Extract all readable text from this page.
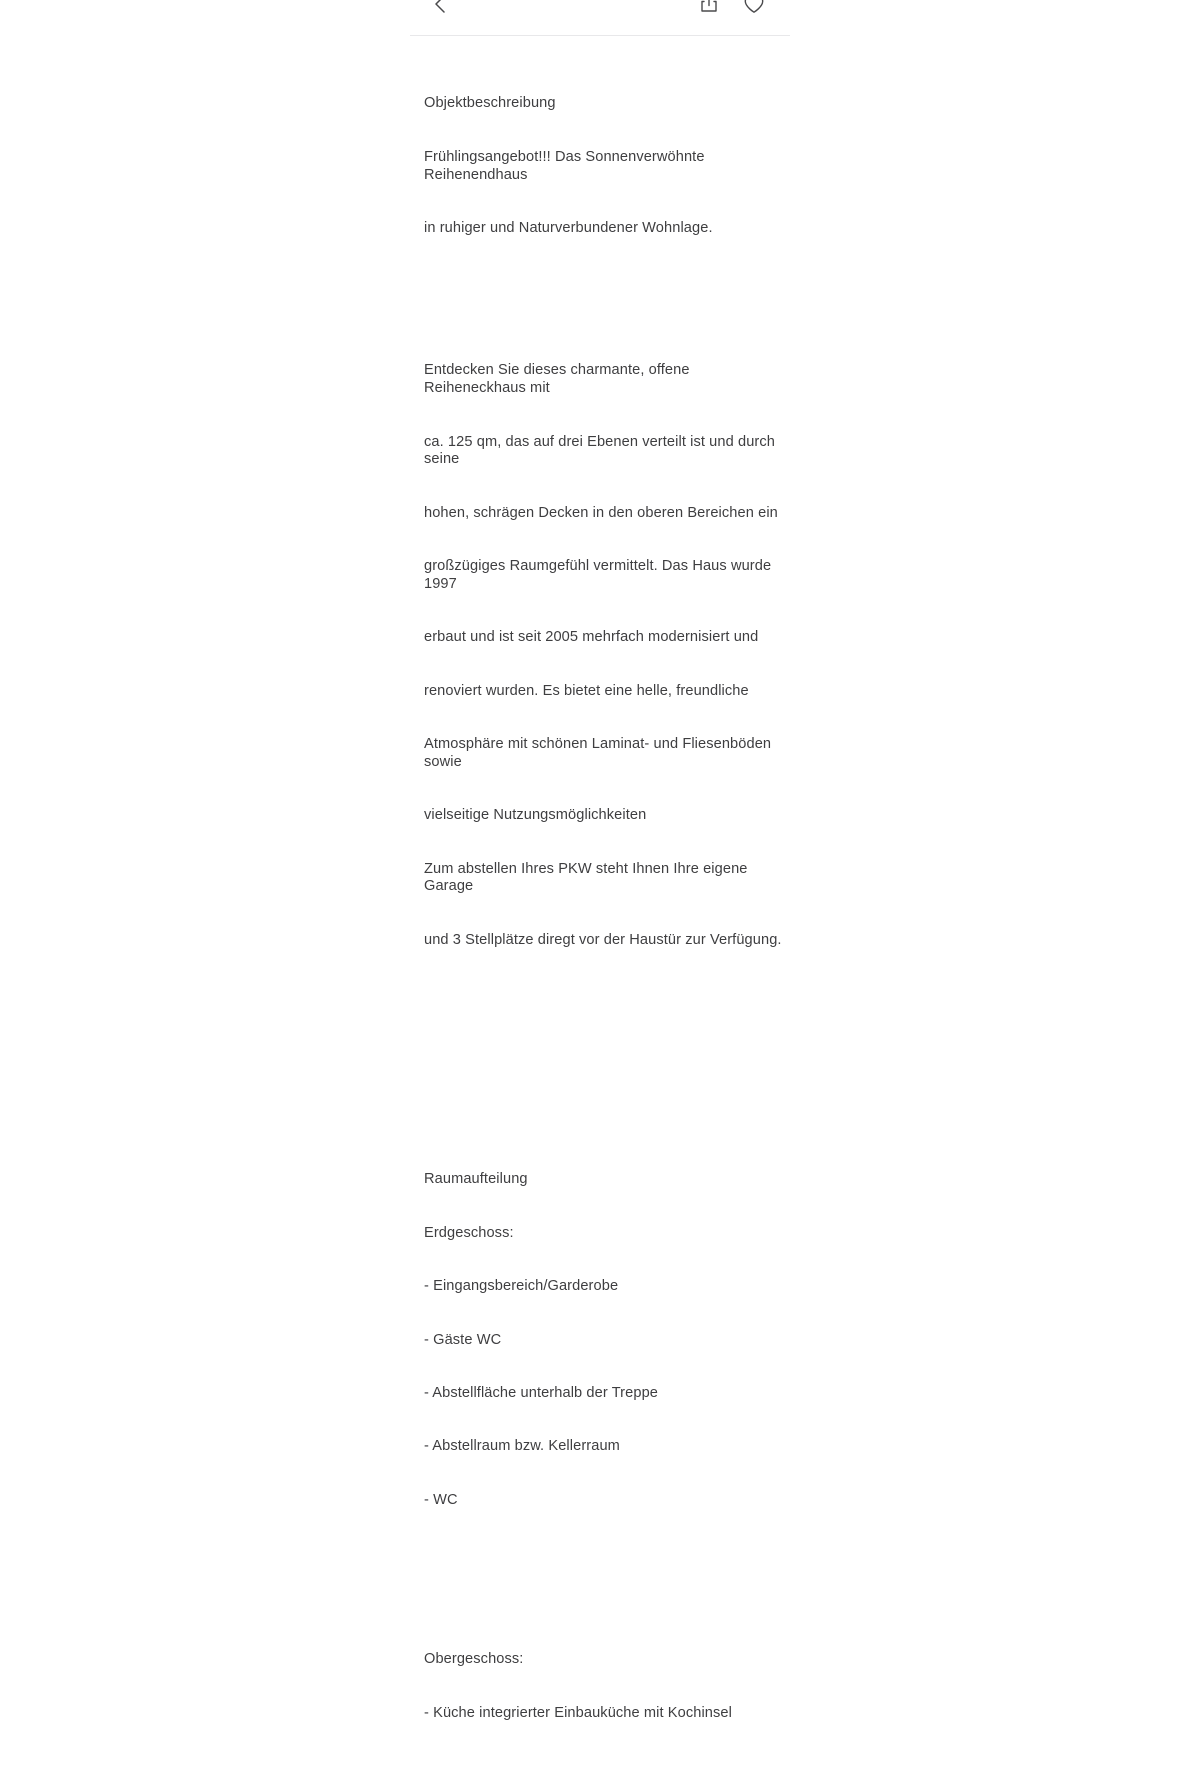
Objektbeschreibung

Frühlingsangebot!!! Das Sonnenverwöhnte Reihenendhaus

in ruhiger und Naturverbundener Wohnlage.

Entdecken Sie dieses charmante, offene Reiheneckhaus mit

ca. 125 qm, das auf drei Ebenen verteilt ist und durch seine

hohen, schrägen Decken in den oberen Bereichen ein

großzügiges Raumgefühl vermittelt. Das Haus wurde 1997

erbaut und ist seit 2005 mehrfach modernisiert und

renoviert wurden. Es bietet eine helle, freundliche

Atmosphäre mit schönen Laminat- und Fliesenböden sowie

vielseitige Nutzungsmöglichkeiten

Zum abstellen Ihres PKW steht Ihnen Ihre eigene Garage

und 3 Stellplätze diregt vor der Haustür zur Verfügung.

Raumaufteilung

Erdgeschoss:

- Eingangsbereich/Garderobe

- Gäste WC

- Abstellfläche unterhalb der Treppe

- Abstellraum bzw. Kellerraum

- WC

Obergeschoss:

- Küche integrierter Einbauküche mit Kochinsel
